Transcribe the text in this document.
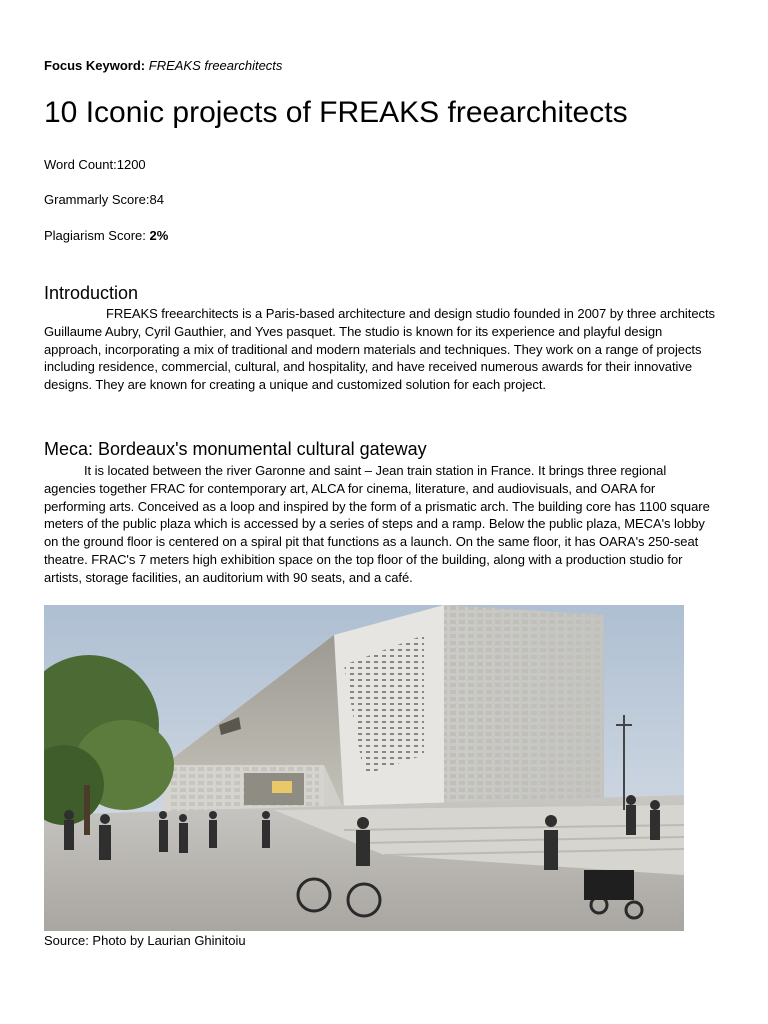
Focus Keyword: FREAKS freearchitects
10 Iconic projects of FREAKS freearchitects
Word Count:1200
Grammarly Score:84
Plagiarism Score: 2%
Introduction

FREAKS freearchitects is a Paris-based architecture and design studio founded in 2007 by three architects Guillaume Aubry, Cyril Gauthier, and Yves pasquet. The studio is known for its experience and playful design approach, incorporating a mix of traditional and modern materials and techniques. They work on a range of projects including residence, commercial, cultural, and hospitality, and have received numerous awards for their innovative designs. They are known for creating a unique and customized solution for each project.

Meca: Bordeaux's monumental cultural gateway

It is located between the river Garonne and saint – Jean train station in France. It brings three regional agencies together FRAC for contemporary art, ALCA for cinema, literature, and audiovisuals, and OARA for performing arts. Conceived as a loop and inspired by the form of a prismatic arch. The building core has 1100 square meters of the public plaza which is accessed by a series of steps and a ramp. Below the public plaza, MECA's lobby on the ground floor is centered on a spiral pit that functions as a launch. On the same floor, it has OARA's 250-seat theatre. FRAC's 7 meters high exhibition space on the top floor of the building, along with a production studio for artists, storage facilities, an auditorium with 90 seats, and a café.

Source: Photo by Laurian Ghinitoiu
